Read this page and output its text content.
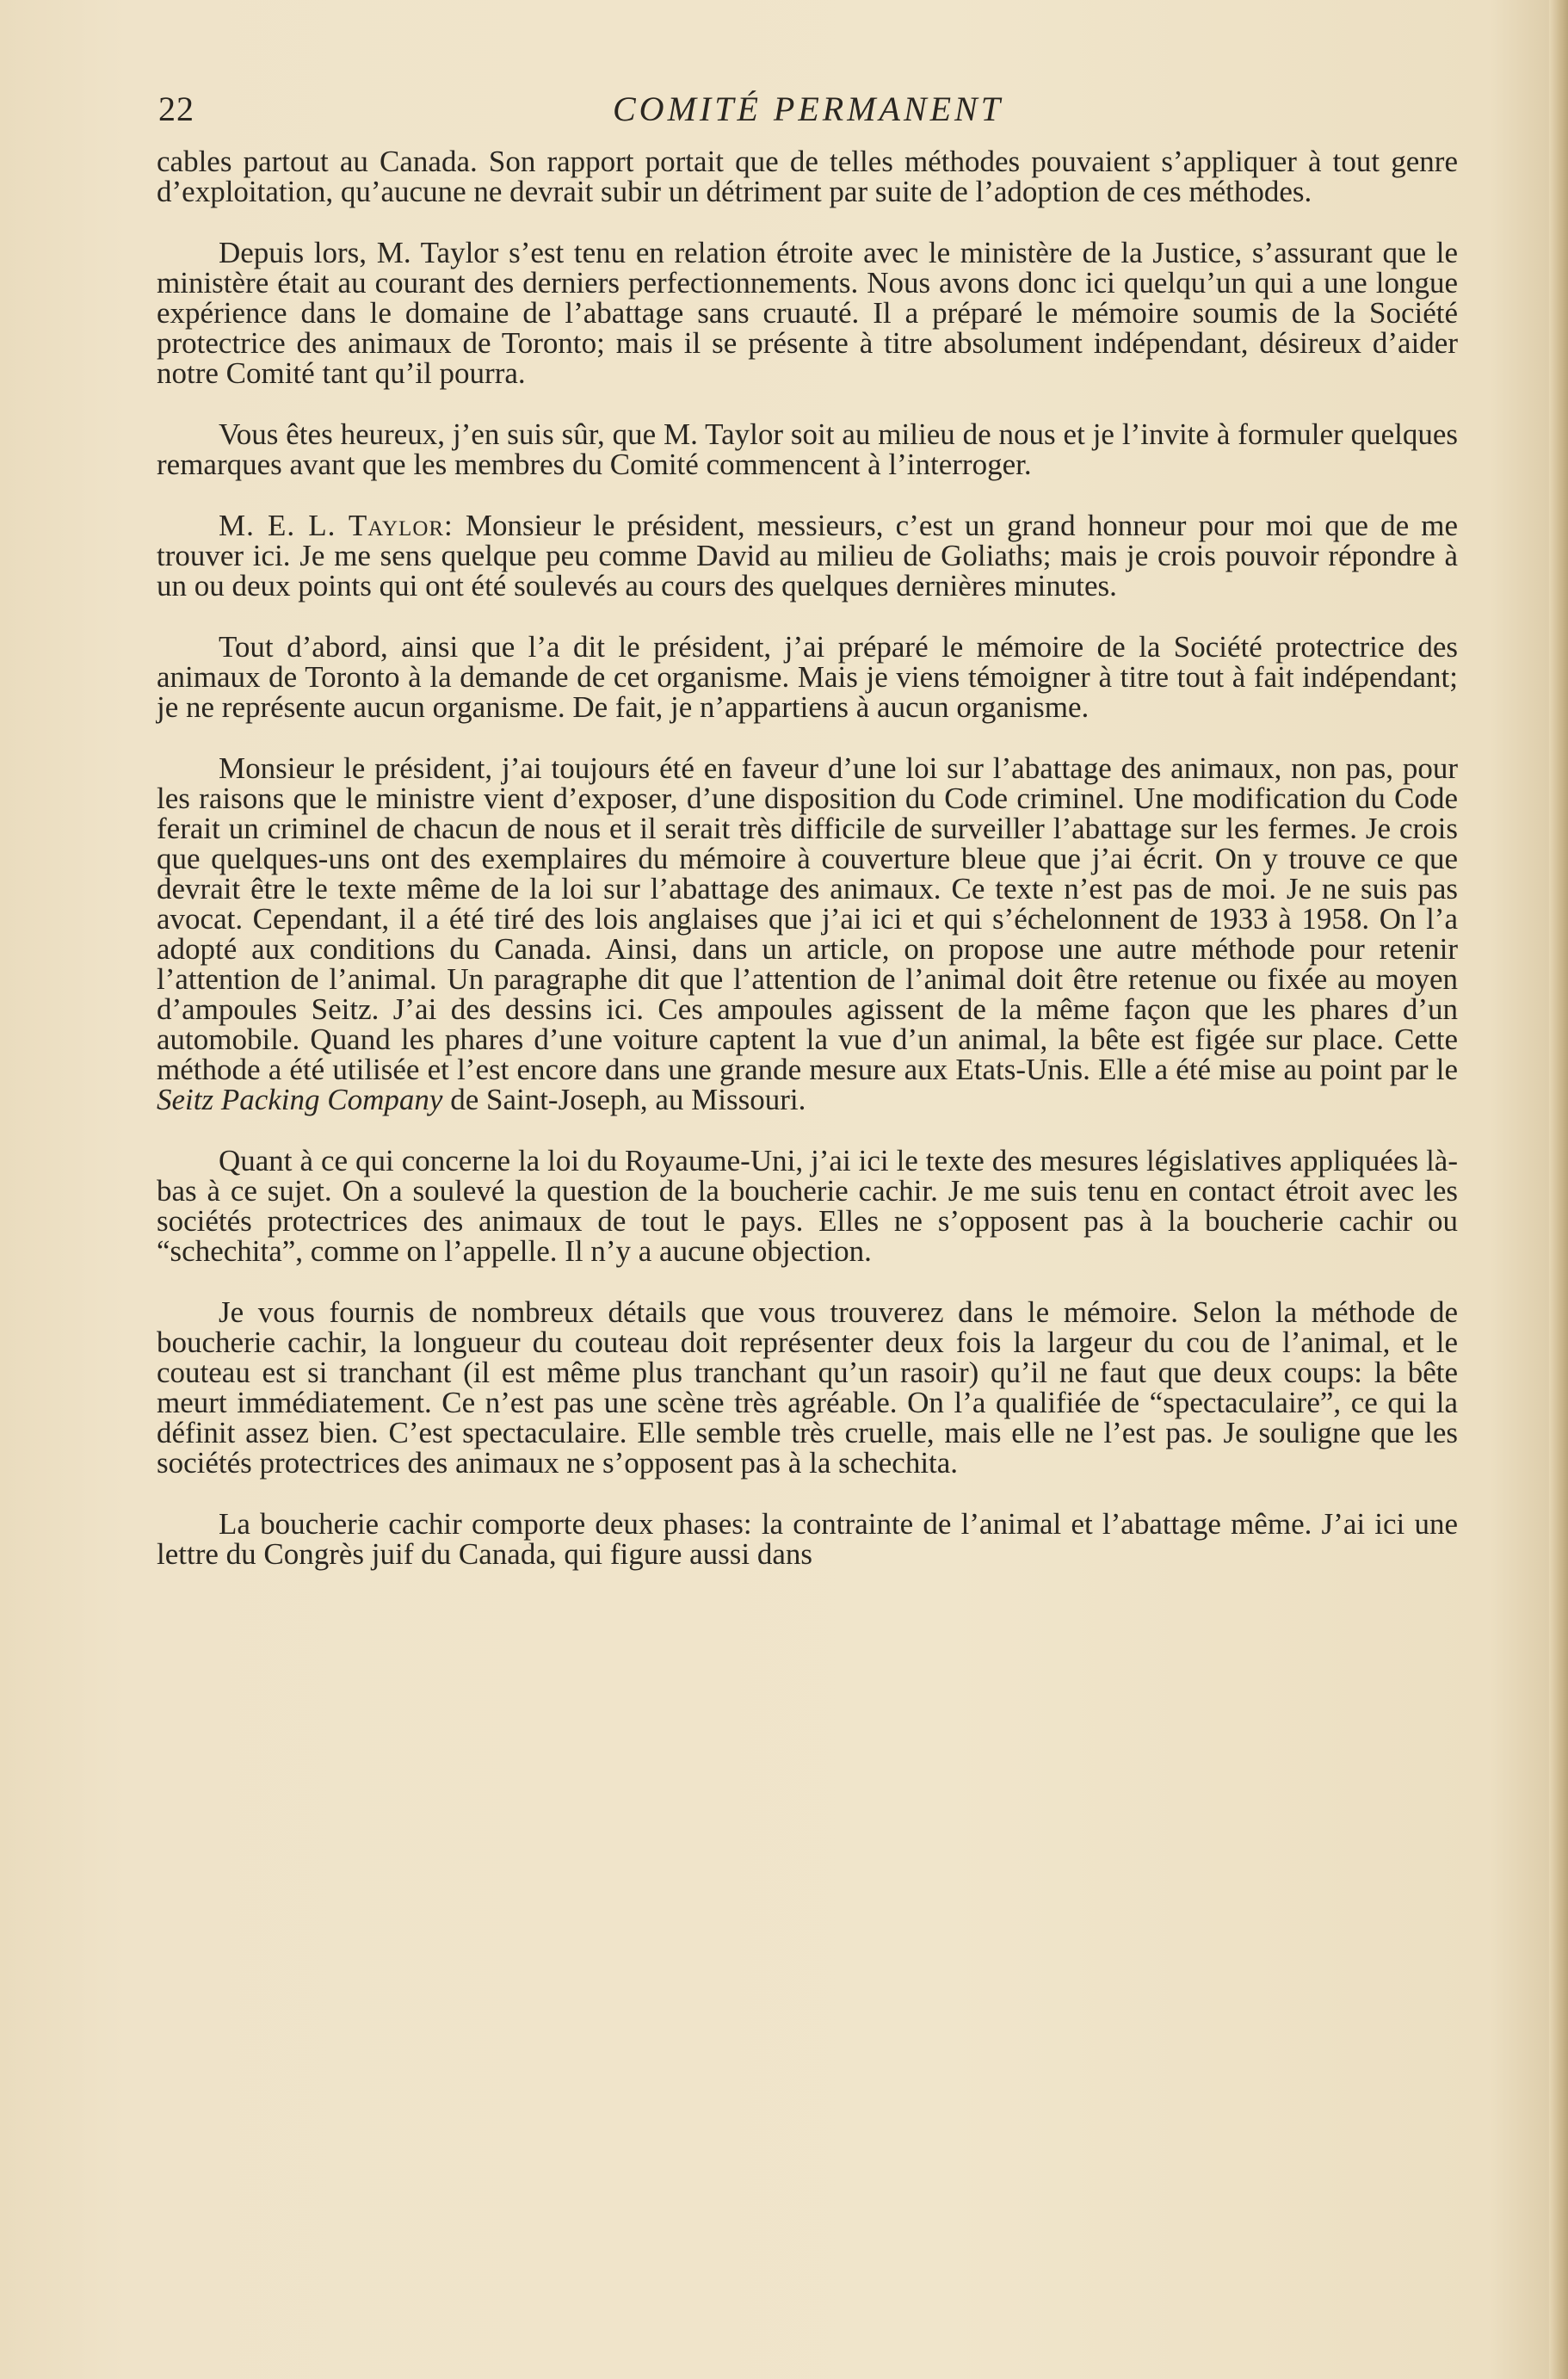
22	COMITÉ PERMANENT

cables partout au Canada. Son rapport portait que de telles méthodes pouvaient s’appliquer à tout genre d’exploitation, qu’aucune ne devrait subir un détriment par suite de l’adoption de ces méthodes.

Depuis lors, M. Taylor s’est tenu en relation étroite avec le ministère de la Justice, s’assurant que le ministère était au courant des derniers perfectionnements. Nous avons donc ici quelqu’un qui a une longue expérience dans le domaine de l’abattage sans cruauté. Il a préparé le mémoire soumis de la Société protectrice des animaux de Toronto; mais il se présente à titre absolument indépendant, désireux d’aider notre Comité tant qu’il pourra.

Vous êtes heureux, j’en suis sûr, que M. Taylor soit au milieu de nous et je l’invite à formuler quelques remarques avant que les membres du Comité commencent à l’interroger.

M. E. L. Taylor: Monsieur le président, messieurs, c’est un grand honneur pour moi que de me trouver ici. Je me sens quelque peu comme David au milieu de Goliaths; mais je crois pouvoir répondre à un ou deux points qui ont été soulevés au cours des quelques dernières minutes.

Tout d’abord, ainsi que l’a dit le président, j’ai préparé le mémoire de la Société protectrice des animaux de Toronto à la demande de cet organisme. Mais je viens témoigner à titre tout à fait indépendant; je ne représente aucun organisme. De fait, je n’appartiens à aucun organisme.

Monsieur le président, j’ai toujours été en faveur d’une loi sur l’abattage des animaux, non pas, pour les raisons que le ministre vient d’exposer, d’une disposition du Code criminel. Une modification du Code ferait un criminel de chacun de nous et il serait très difficile de surveiller l’abattage sur les fermes. Je crois que quelques-uns ont des exemplaires du mémoire à couverture bleue que j’ai écrit. On y trouve ce que devrait être le texte même de la loi sur l’abattage des animaux. Ce texte n’est pas de moi. Je ne suis pas avocat. Cependant, il a été tiré des lois anglaises que j’ai ici et qui s’échelonnent de 1933 à 1958. On l’a adopté aux conditions du Canada. Ainsi, dans un article, on propose une autre méthode pour retenir l’attention de l’animal. Un paragraphe dit que l’attention de l’animal doit être retenue ou fixée au moyen d’ampoules Seitz. J’ai des dessins ici. Ces ampoules agissent de la même façon que les phares d’un automobile. Quand les phares d’une voiture captent la vue d’un animal, la bête est figée sur place. Cette méthode a été utilisée et l’est encore dans une grande mesure aux Etats-Unis. Elle a été mise au point par le Seitz Packing Company de Saint-Joseph, au Missouri.

Quant à ce qui concerne la loi du Royaume-Uni, j’ai ici le texte des mesures législatives appliquées là-bas à ce sujet. On a soulevé la question de la boucherie cachir. Je me suis tenu en contact étroit avec les sociétés protectrices des animaux de tout le pays. Elles ne s’opposent pas à la boucherie cachir ou “schechita”, comme on l’appelle. Il n’y a aucune objection.

Je vous fournis de nombreux détails que vous trouverez dans le mémoire. Selon la méthode de boucherie cachir, la longueur du couteau doit représenter deux fois la largeur du cou de l’animal, et le couteau est si tranchant (il est même plus tranchant qu’un rasoir) qu’il ne faut que deux coups: la bête meurt immédiatement. Ce n’est pas une scène très agréable. On l’a qualifiée de “spectaculaire”, ce qui la définit assez bien. C’est spectaculaire. Elle semble très cruelle, mais elle ne l’est pas. Je souligne que les sociétés protectrices des animaux ne s’opposent pas à la schechita.

La boucherie cachir comporte deux phases: la contrainte de l’animal et l’abattage même. J’ai ici une lettre du Congrès juif du Canada, qui figure aussi dans
